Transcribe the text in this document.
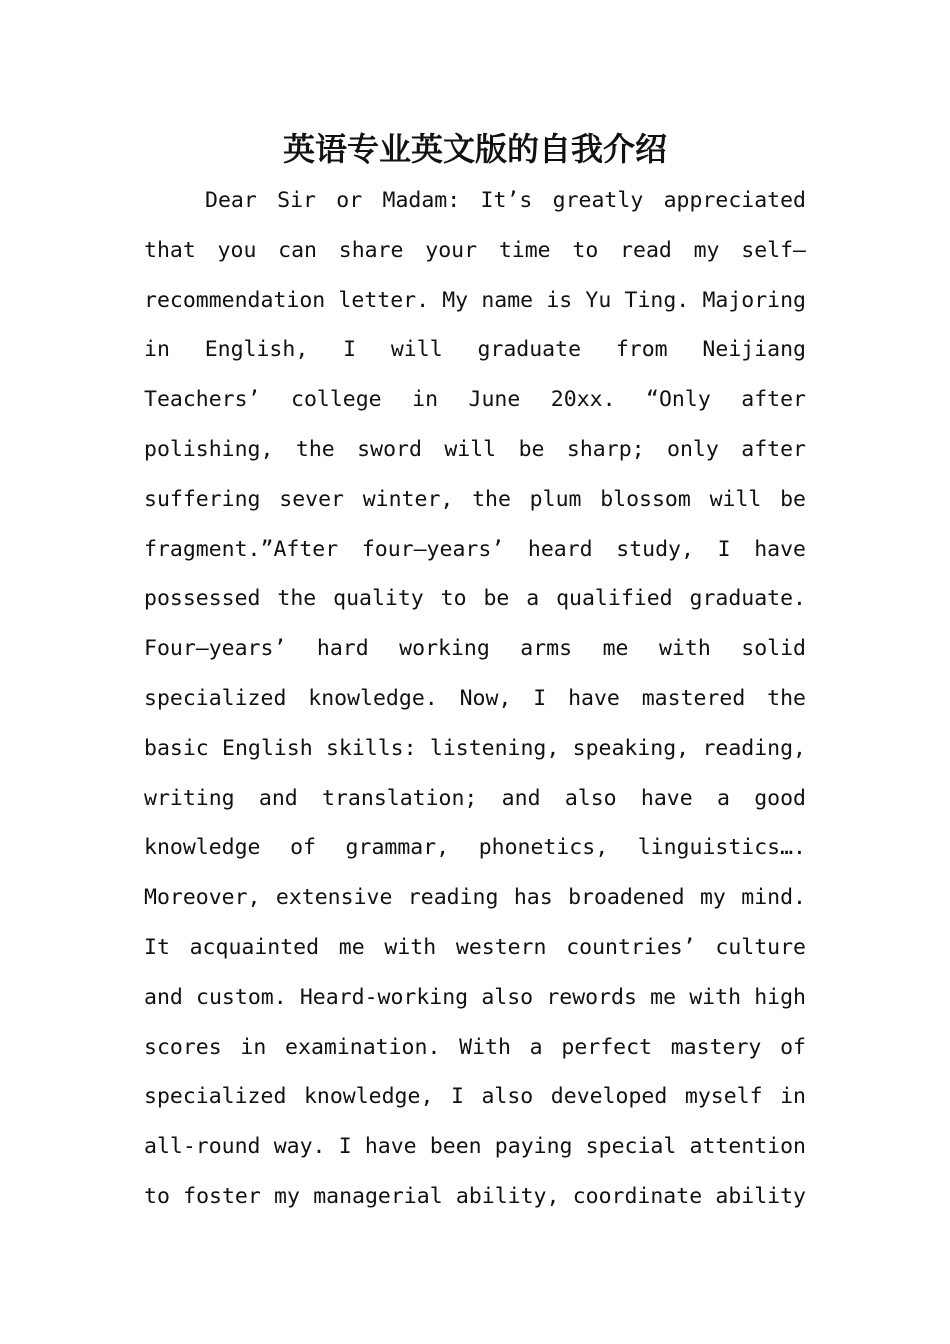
英语专业英文版的自我介绍
Dear Sir or Madam: It’s greatly appreciated
that you can share your time to read my self—
recommendation letter. My name is Yu Ting. Majoring
in English, I will graduate from Neijiang
Teachers’ college in June 20xx. “Only after
polishing, the sword will be sharp; only after
suffering sever winter, the plum blossom will be
fragment.”After four—years’ heard study, I have
possessed the quality to be a qualified graduate.
Four—years’ hard working arms me with solid
specialized knowledge. Now, I have mastered the
basic English skills: listening, speaking, reading,
writing and translation; and also have a good
knowledge of grammar, phonetics, linguistics….
Moreover, extensive reading has broadened my mind.
It acquainted me with western countries’ culture
and custom. Heard-working also rewords me with high
scores in examination. With a perfect mastery of
specialized knowledge, I also developed myself in
all-round way. I have been paying special attention
to foster my managerial ability, coordinate ability
